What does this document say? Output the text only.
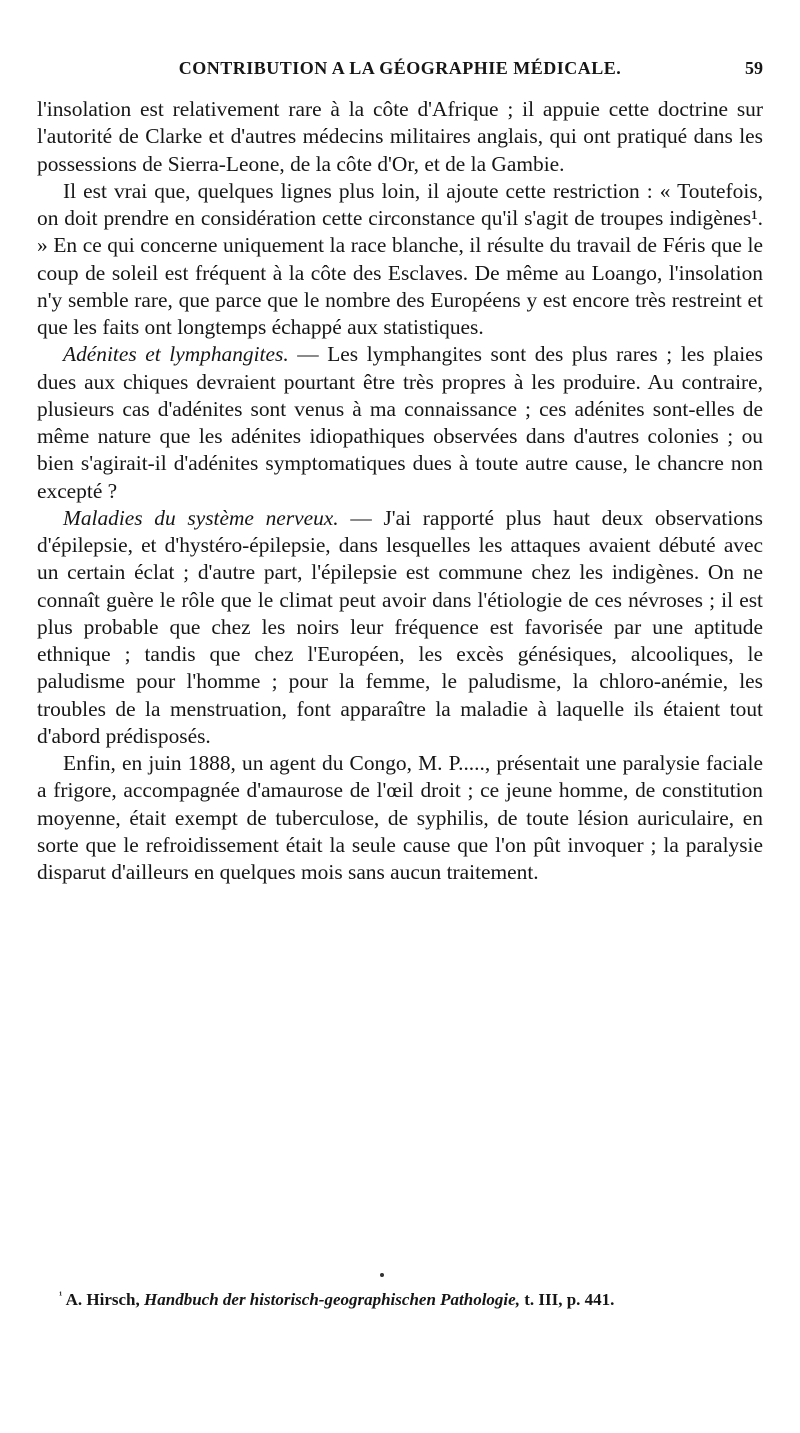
CONTRIBUTION A LA GÉOGRAPHIE MÉDICALE.	59

l'insolation est relativement rare à la côte d'Afrique ; il appuie cette doctrine sur l'autorité de Clarke et d'autres médecins militaires anglais, qui ont pratiqué dans les possessions de Sierra-Leone, de la côte d'Or, et de la Gambie.

Il est vrai que, quelques lignes plus loin, il ajoute cette restriction : « Toutefois, on doit prendre en considération cette circonstance qu'il s'agit de troupes indigènes¹. » En ce qui concerne uniquement la race blanche, il résulte du travail de Féris que le coup de soleil est fréquent à la côte des Esclaves. De même au Loango, l'insolation n'y semble rare, que parce que le nombre des Européens y est encore très restreint et que les faits ont longtemps échappé aux statistiques.

Adénites et lymphangites. — Les lymphangites sont des plus rares ; les plaies dues aux chiques devraient pourtant être très propres à les produire. Au contraire, plusieurs cas d'adénites sont venus à ma connaissance ; ces adénites sont-elles de même nature que les adénites idiopathiques observées dans d'autres colonies ; ou bien s'agirait-il d'adénites symptomatiques dues à toute autre cause, le chancre non excepté ?

Maladies du système nerveux. — J'ai rapporté plus haut deux observations d'épilepsie, et d'hystéro-épilepsie, dans lesquelles les attaques avaient débuté avec un certain éclat ; d'autre part, l'épilepsie est commune chez les indigènes. On ne connaît guère le rôle que le climat peut avoir dans l'étiologie de ces névroses ; il est plus probable que chez les noirs leur fréquence est favorisée par une aptitude ethnique ; tandis que chez l'Européen, les excès génésiques, alcooliques, le paludisme pour l'homme ; pour la femme, le paludisme, la chloro-anémie, les troubles de la menstruation, font apparaître la maladie à laquelle ils étaient tout d'abord prédisposés.

Enfin, en juin 1888, un agent du Congo, M. P....., présentait une paralysie faciale a frigore, accompagnée d'amaurose de l'œil droit ; ce jeune homme, de constitution moyenne, était exempt de tuberculose, de syphilis, de toute lésion auriculaire, en sorte que le refroidissement était la seule cause que l'on pût invoquer ; la paralysie disparut d'ailleurs en quelques mois sans aucun traitement.

$^{^1}$ A. Hirsch, Handbuch der historisch-geographischen Pathologie, t. III, p. 441.
